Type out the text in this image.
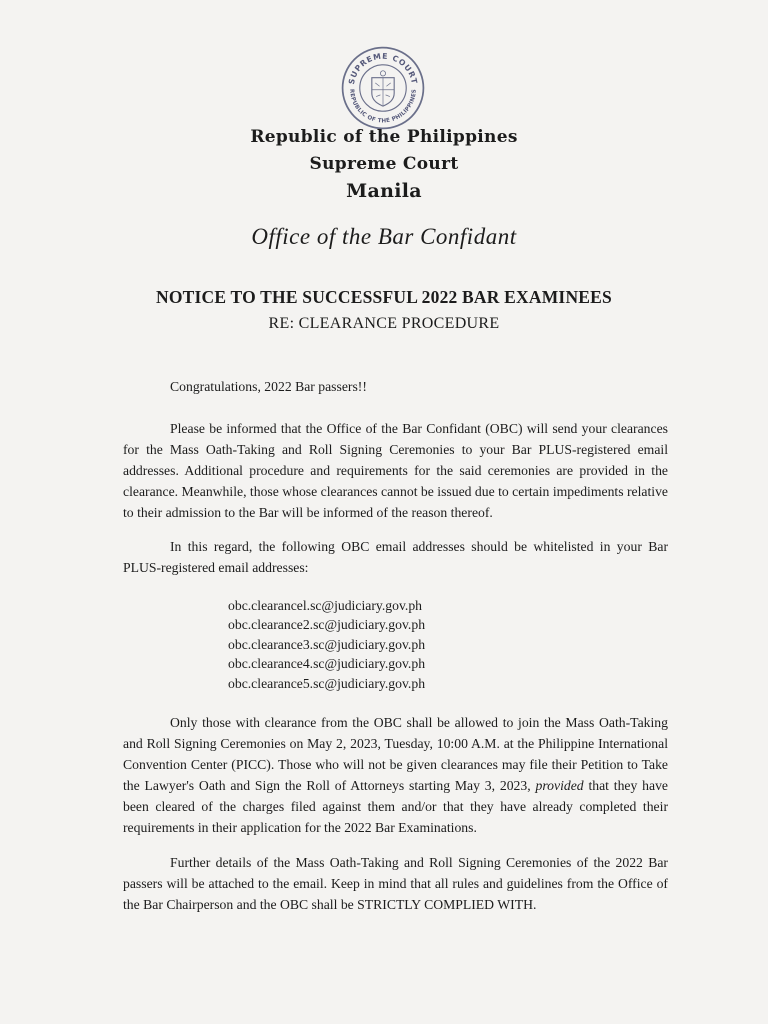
SUPREME COURT
REPUBLIC OF THE PHILIPPINES
Republic of the Philippines
Supreme Court
Manila
Office of the Bar Confidant
NOTICE TO THE SUCCESSFUL 2022 BAR EXAMINEES
RE: CLEARANCE PROCEDURE
Congratulations, 2022 Bar passers!!
Please be informed that the Office of the Bar Confidant (OBC) will send your clearances for the Mass Oath-Taking and Roll Signing Ceremonies to your Bar PLUS-registered email addresses. Additional procedure and requirements for the said ceremonies are provided in the clearance. Meanwhile, those whose clearances cannot be issued due to certain impediments relative to their admission to the Bar will be informed of the reason thereof.
In this regard, the following OBC email addresses should be whitelisted in your Bar PLUS-registered email addresses:
obc.clearancel.sc@judiciary.gov.ph
obc.clearance2.sc@judiciary.gov.ph
obc.clearance3.sc@judiciary.gov.ph
obc.clearance4.sc@judiciary.gov.ph
obc.clearance5.sc@judiciary.gov.ph
Only those with clearance from the OBC shall be allowed to join the Mass Oath-Taking and Roll Signing Ceremonies on May 2, 2023, Tuesday, 10:00 A.M. at the Philippine International Convention Center (PICC). Those who will not be given clearances may file their Petition to Take the Lawyer's Oath and Sign the Roll of Attorneys starting May 3, 2023, provided that they have been cleared of the charges filed against them and/or that they have already completed their requirements in their application for the 2022 Bar Examinations.
Further details of the Mass Oath-Taking and Roll Signing Ceremonies of the 2022 Bar passers will be attached to the email. Keep in mind that all rules and guidelines from the Office of the Bar Chairperson and the OBC shall be STRICTLY COMPLIED WITH.
